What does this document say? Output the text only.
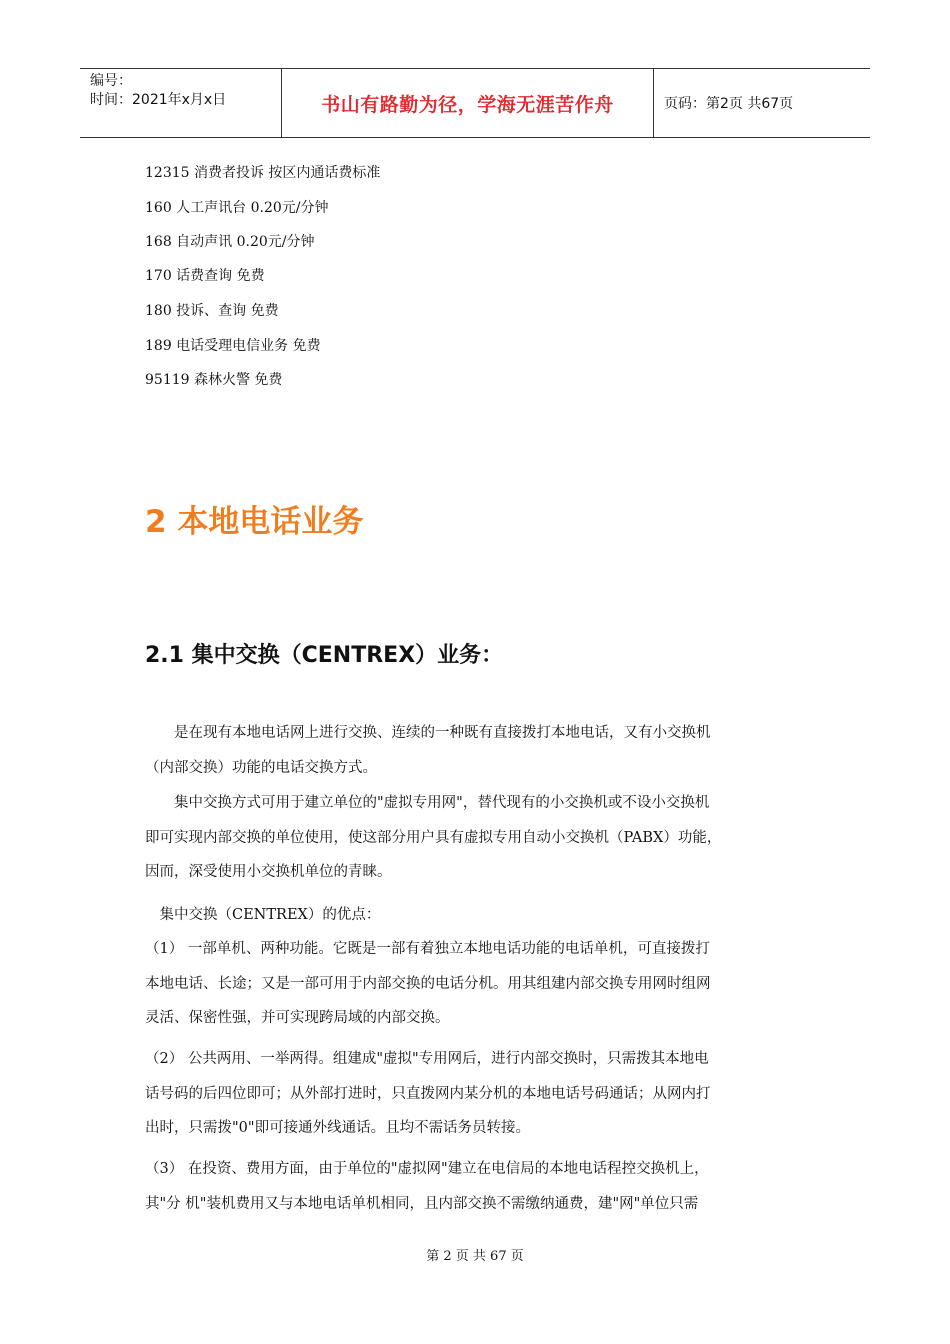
编号：
时间：2021年x月x日	书山有路勤为径，学海无涯苦作舟	页码：第2页 共67页
12315 消费者投诉 按区内通话费标准
160 人工声讯台 0.20元/分钟
168 自动声讯 0.20元/分钟
170 话费查询 免费
180 投诉、查询 免费
189 电话受理电信业务 免费
95119 森林火警 免费
2 本地电话业务
2.1 集中交换（CENTREX）业务：
　　是在现有本地电话网上进行交换、连续的一种既有直接拨打本地电话，又有小交换机
（内部交换）功能的电话交换方式。
　　集中交换方式可用于建立单位的"虚拟专用网"，替代现有的小交换机或不设小交换机
即可实现内部交换的单位使用，使这部分用户具有虚拟专用自动小交换机（PABX）功能，
因而，深受使用小交换机单位的青睐。
　集中交换（CENTREX）的优点：
（1） 一部单机、两种功能。它既是一部有着独立本地电话功能的电话单机，可直接拨打
本地电话、长途；又是一部可用于内部交换的电话分机。用其组建内部交换专用网时组网
灵活、保密性强，并可实现跨局域的内部交换。
（2） 公共两用、一举两得。组建成"虚拟"专用网后，进行内部交换时，只需拨其本地电
话号码的后四位即可；从外部打进时，只直拨网内某分机的本地电话号码通话；从网内打
出时，只需拨"0"即可接通外线通话。且均不需话务员转接。
（3） 在投资、费用方面，由于单位的"虚拟网"建立在电信局的本地电话程控交换机上，
其"分 机"装机费用又与本地电话单机相同，且内部交换不需缴纳通费，建"网"单位只需
第 2 页 共 67 页
